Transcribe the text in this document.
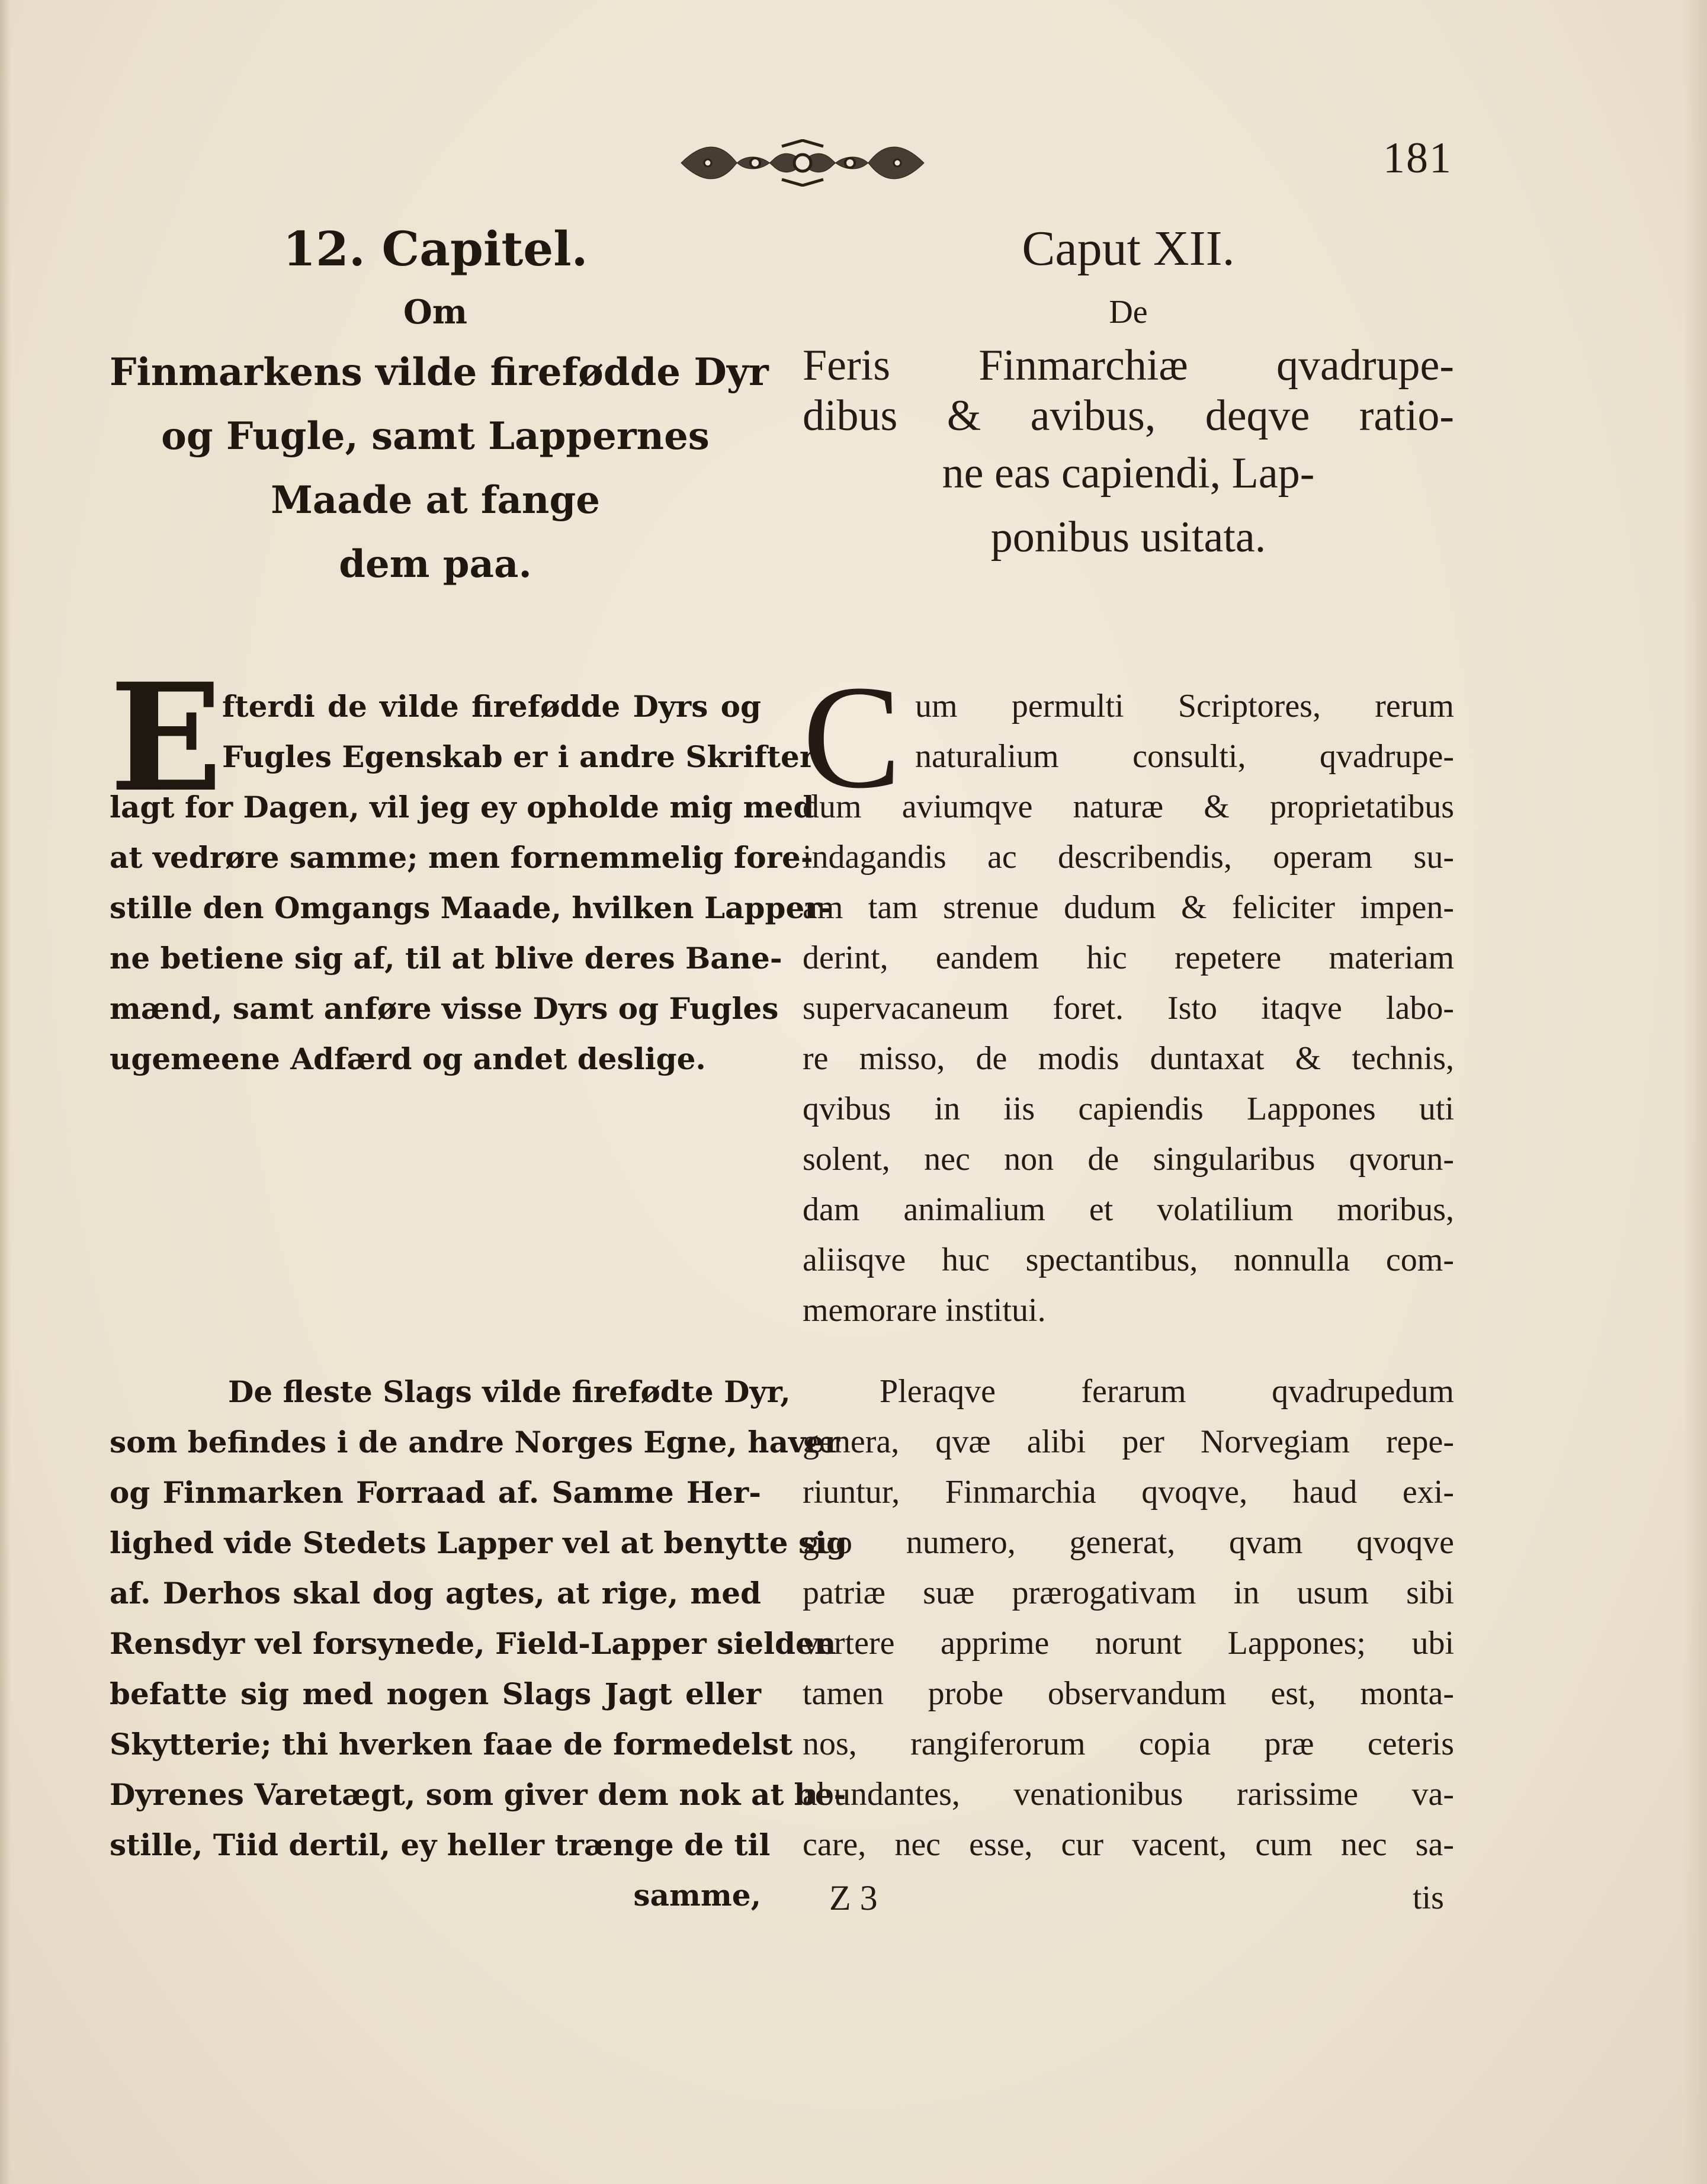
181
12. Capitel.
Om
Finmarkens vilde firefødde Dyr
og Fugle, samt Lappernes
Maade at fange
dem paa.
E fterdi de vilde firefødde Dyrs og
Fugles Egenskab er i andre Skrifter
lagt for Dagen, vil jeg ey opholde mig med
at vedrøre samme; men fornemmelig fore-
stille den Omgangs Maade, hvilken Lapper-
ne betiene sig af, til at blive deres Bane-
mænd, samt anføre visse Dyrs og Fugles
ugemeene Adfærd og andet deslige.
De fleste Slags vilde firefødte Dyr,
som befindes i de andre Norges Egne, haver
og Finmarken Forraad af. Samme Her-
lighed vide Stedets Lapper vel at benytte sig
af. Derhos skal dog agtes, at rige, med
Rensdyr vel forsynede, Field-Lapper sielden
befatte sig med nogen Slags Jagt eller
Skytterie; thi hverken faae de formedelst
Dyrenes Varetægt, som giver dem nok at be-
stille, Tiid dertil, ey heller trænge de til
samme,
Caput XII.
De
Feris Finmarchiæ qvadrupe-
dibus & avibus, deqve ratio-
ne eas capiendi, Lap-
ponibus usitata.
C um permulti Scriptores, rerum
naturalium consulti, qvadrupe-
dum aviumqve naturæ & proprietatibus
indagandis ac describendis, operam su-
am tam strenue dudum & feliciter impen-
derint, eandem hic repetere materiam
supervacaneum foret. Isto itaqve labo-
re misso, de modis duntaxat & technis,
qvibus in iis capiendis Lappones uti
solent, nec non de singularibus qvorun-
dam animalium et volatilium moribus,
aliisqve huc spectantibus, nonnulla com-
memorare institui.
Pleraqve ferarum qvadrupedum
genera, qvæ alibi per Norvegiam repe-
riuntur, Finmarchia qvoqve, haud exi-
guo numero, generat, qvam qvoqve
patriæ suæ prærogativam in usum sibi
vertere apprime norunt Lappones; ubi
tamen probe observandum est, monta-
nos, rangiferorum copia præ ceteris
abundantes, venationibus rarissime va-
care, nec esse, cur vacent, cum nec sa-
Z 3	tis
